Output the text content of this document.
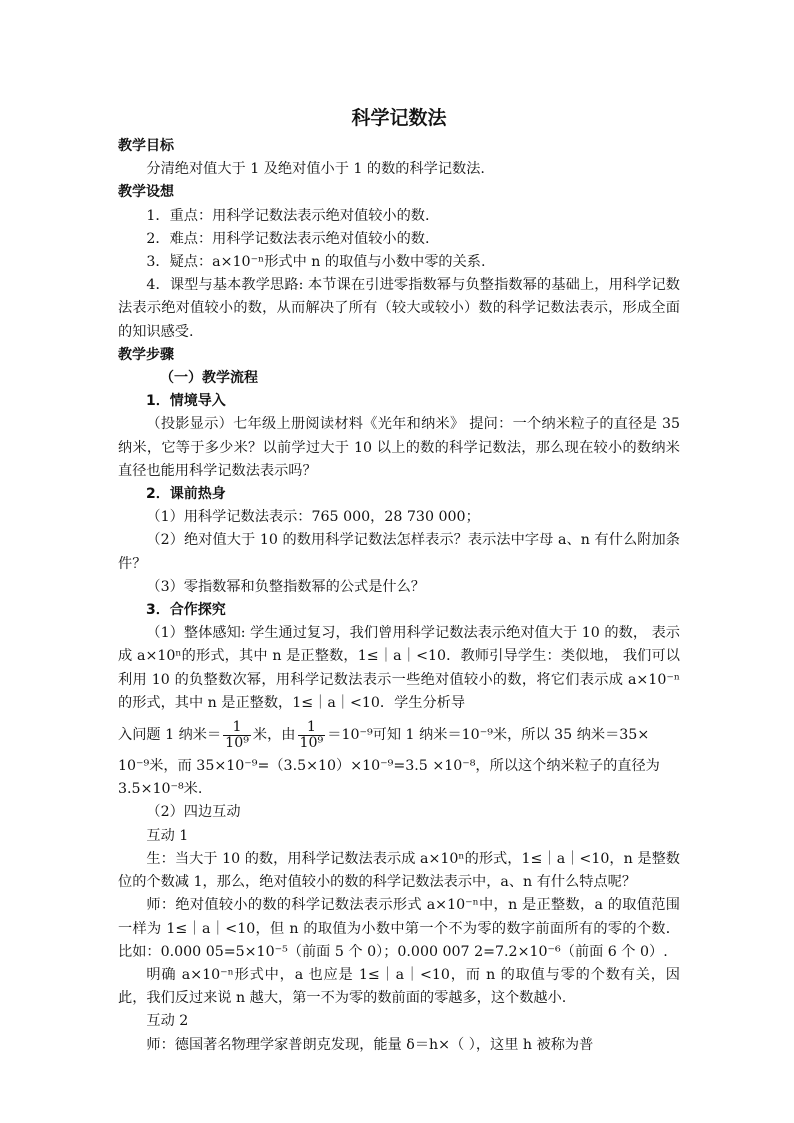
科学记数法
教学目标
分清绝对值大于 1 及绝对值小于 1 的数的科学记数法.
教学设想
1．重点：用科学记数法表示绝对值较小的数.
2．难点：用科学记数法表示绝对值较小的数.
3．疑点：a×10⁻ⁿ形式中 n 的取值与小数中零的关系.
4．课型与基本教学思路: 本节课在引进零指数幂与负整指数幂的基础上，用科学记数法表示绝对值较小的数，从而解决了所有（较大或较小）数的科学记数法表示，形成全面的知识感受.
教学步骤
（一）教学流程
1．情境导入
（投影显示）七年级上册阅读材料《光年和纳米》 提问：一个纳米粒子的直径是 35 纳米，它等于多少米？以前学过大于 10 以上的数的科学记数法，那么现在较小的数纳米直径也能用科学记数法表示吗？
2．课前热身
（1）用科学记数法表示：765 000，28 730 000；
（2）绝对值大于 10 的数用科学记数法怎样表示？表示法中字母 a、n 有什么附加条件？
（3）零指数幂和负整指数幂的公式是什么？
3．合作探究
（1）整体感知: 学生通过复习，我们曾用科学记数法表示绝对值大于 10 的数， 表示成 a×10ⁿ的形式，其中 n 是正整数，1≤｜a｜<10．教师引导学生：类似地， 我们可以利用 10 的负整数次幂，用科学记数法表示一些绝对值较小的数，将它们表示成 a×10⁻ⁿ的形式，其中 n 是正整数，1≤｜a｜<10．学生分析导
入问题 1 纳米＝ $\frac{1}{\text{10⁹}}$ 米，由 $\frac{1}{\text{10⁹}} =10^{-9}$可知 1 纳米＝10⁻⁹米，所以 35 纳米＝35×
10⁻⁹米，而 35×10⁻⁹=（3.5×10）×10⁻⁹=3.5 ×10⁻⁸，所以这个纳米粒子的直径为 3.5×10⁻⁸米.
（2）四边互动
互动 1
生：当大于 10 的数，用科学记数法表示成 a×10ⁿ的形式，1≤｜a｜<10，n 是整数位的个数减 1，那么，绝对值较小的数的科学记数法表示中，a、n 有什么特点呢？
师：绝对值较小的数的科学记数法表示形式 a×10⁻ⁿ中，n 是正整数，a 的取值范围一样为 1≤｜a｜<10，但 n 的取值为小数中第一个不为零的数字前面所有的零的个数．比如：0.000 05=5×10⁻⁵（前面 5 个 0）；0.000 007 2=7.2×10⁻⁶（前面 6 个 0）.
明确 a×10⁻ⁿ形式中，a 也应是 1≤｜a｜<10，而 n 的取值与零的个数有关，因此，我们反过来说 n 越大，第一不为零的数前面的零越多，这个数越小.
互动 2
师：德国著名物理学家普朗克发现，能量 δ＝h×（ ），这里 h 被称为普
